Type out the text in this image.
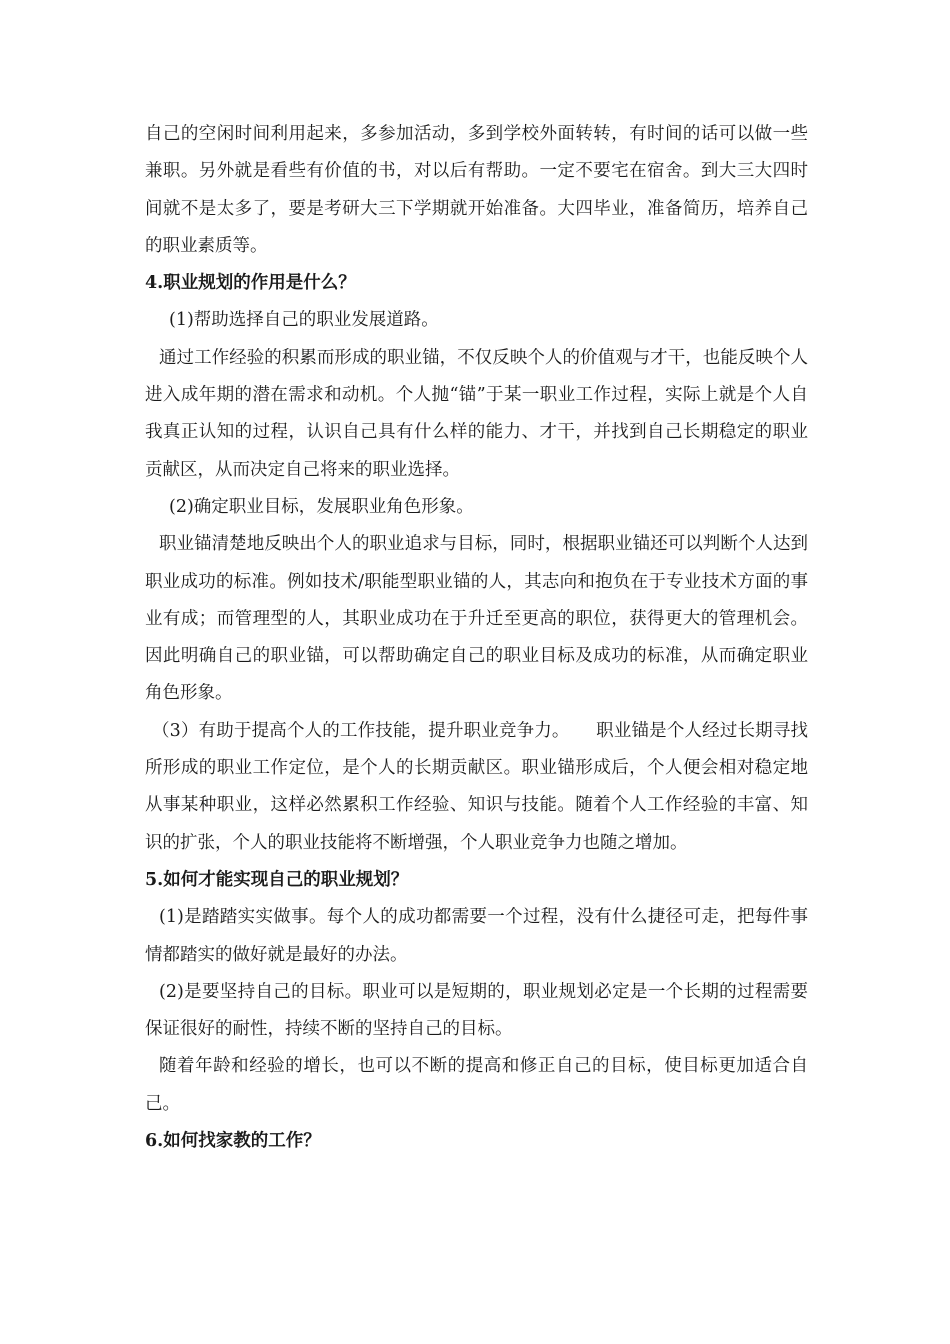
自己的空闲时间利用起来，多参加活动，多到学校外面转转，有时间的话可以做一些兼职。另外就是看些有价值的书，对以后有帮助。一定不要宅在宿舍。到大三大四时间就不是太多了，要是考研大三下学期就开始准备。大四毕业，准备简历，培养自己的职业素质等。

4.职业规划的作用是什么？

(1)帮助选择自己的职业发展道路。

通过工作经验的积累而形成的职业锚，不仅反映个人的价值观与才干，也能反映个人进入成年期的潜在需求和动机。个人抛“锚”于某一职业工作过程，实际上就是个人自我真正认知的过程，认识自己具有什么样的能力、才干，并找到自己长期稳定的职业贡献区，从而决定自己将来的职业选择。

(2)确定职业目标，发展职业角色形象。

职业锚清楚地反映出个人的职业追求与目标，同时，根据职业锚还可以判断个人达到职业成功的标准。例如技术/职能型职业锚的人，其志向和抱负在于专业技术方面的事业有成；而管理型的人，其职业成功在于升迁至更高的职位，获得更大的管理机会。因此明确自己的职业锚，可以帮助确定自己的职业目标及成功的标准，从而确定职业角色形象。

（3）有助于提高个人的工作技能，提升职业竞争力。　　职业锚是个人经过长期寻找所形成的职业工作定位，是个人的长期贡献区。职业锚形成后，个人便会相对稳定地从事某种职业，这样必然累积工作经验、知识与技能。随着个人工作经验的丰富、知识的扩张，个人的职业技能将不断增强，个人职业竞争力也随之增加。

5.如何才能实现自己的职业规划？

(1)是踏踏实实做事。每个人的成功都需要一个过程，没有什么捷径可走，把每件事情都踏实的做好就是最好的办法。

(2)是要坚持自己的目标。职业可以是短期的，职业规划必定是一个长期的过程需要保证很好的耐性，持续不断的坚持自己的目标。

随着年龄和经验的增长，也可以不断的提高和修正自己的目标，使目标更加适合自己。

6.如何找家教的工作？
